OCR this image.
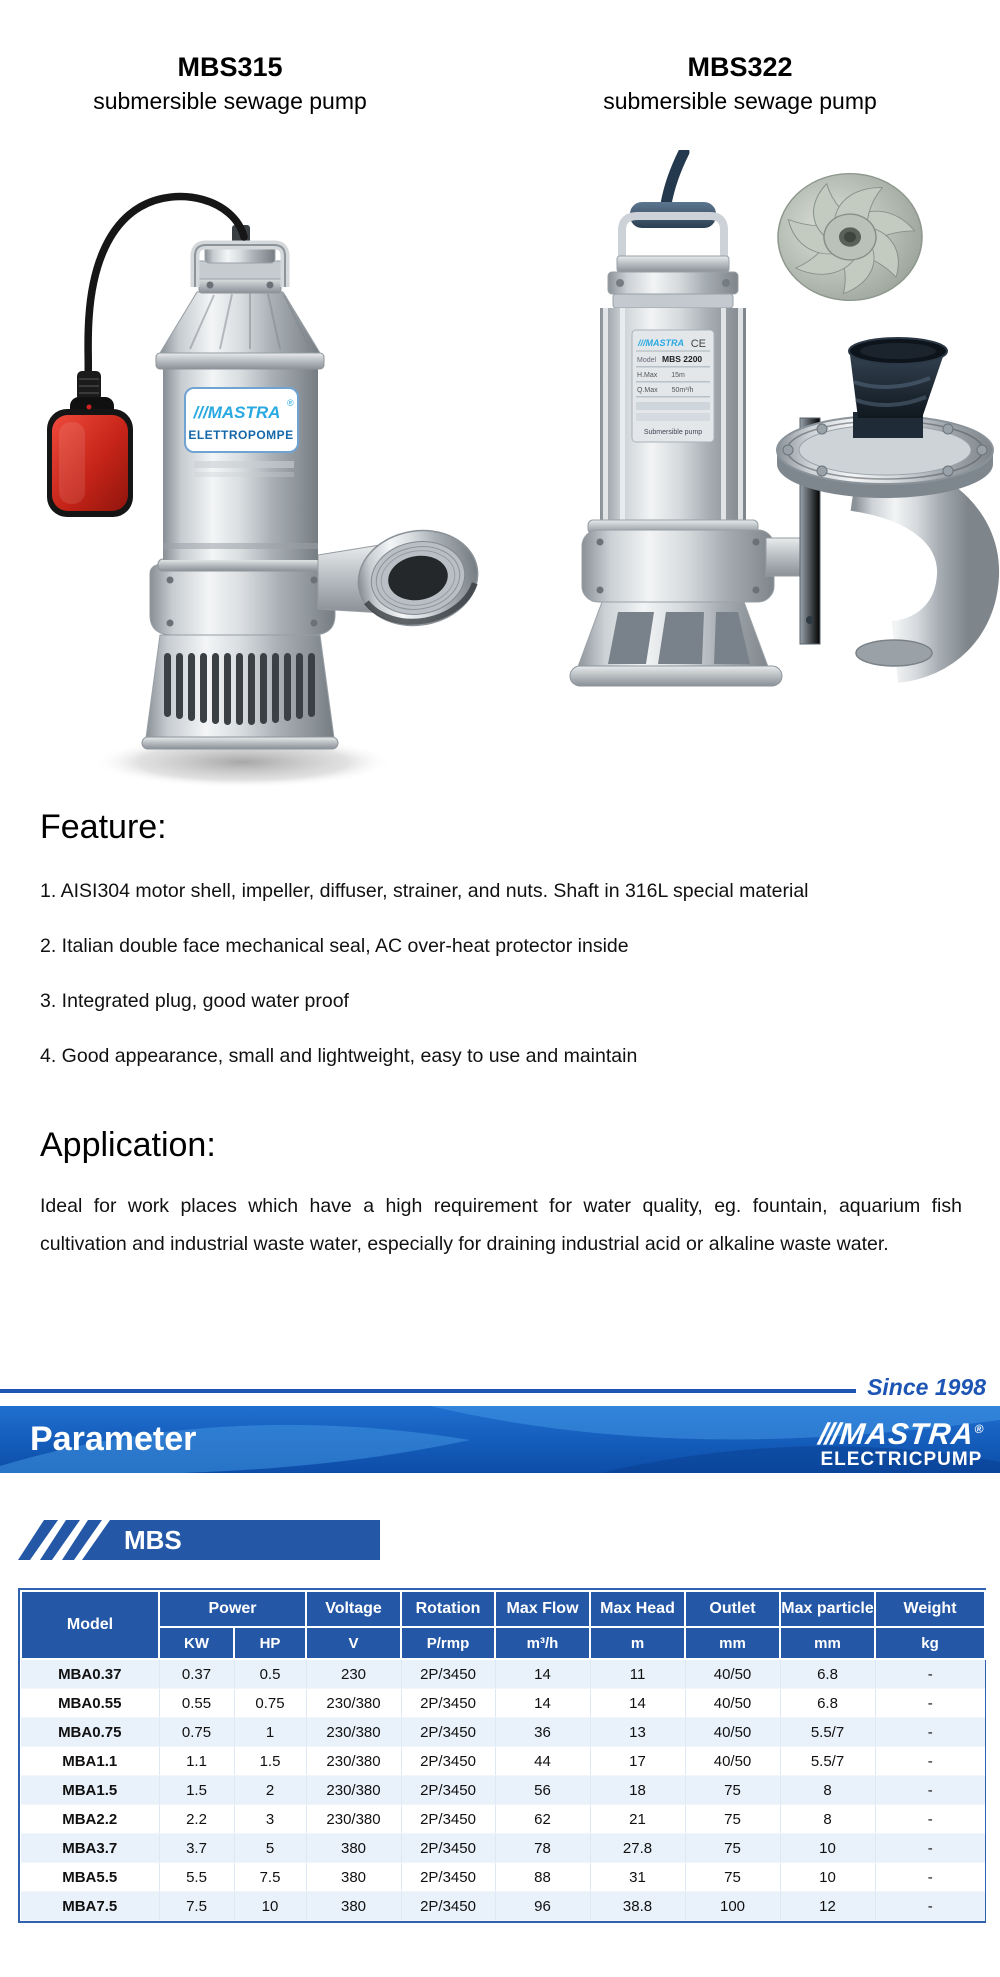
MBS315
submersible sewage pump
MBS322
submersible sewage pump
///MASTRA ®
ELETTROPOMPE
///MASTRA CE
Model MBS 2200
H.Max 15m
Q.Max 50m³/h
Submersible pump
Feature:

1. AISI304 motor shell, impeller, diffuser, strainer, and nuts. Shaft in 316L special material

2. Italian double face mechanical seal, AC over-heat protector inside

3. Integrated plug, good water proof

4. Good appearance, small and lightweight, easy to use and maintain

Application:

Ideal for work places which have a high requirement for water quality, eg. fountain, aquarium fish cultivation and industrial waste water, especially for draining industrial acid or alkaline waste water.

Since 1998
Parameter	///MASTRA®
ELECTRICPUMP
MBS
Model	Power		Voltage	Rotation	Max Flow	Max Head	Outlet	Max particle	Weight
	KW	HP	V	P/rmp	m³/h	m	mm	mm	kg
MBA0.37	0.37	0.5	230	2P/3450	14	11	40/50	6.8	-
MBA0.55	0.55	0.75	230/380	2P/3450	14	14	40/50	6.8	-
MBA0.75	0.75	1	230/380	2P/3450	36	13	40/50	5.5/7	-
MBA1.1	1.1	1.5	230/380	2P/3450	44	17	40/50	5.5/7	-
MBA1.5	1.5	2	230/380	2P/3450	56	18	75	8	-
MBA2.2	2.2	3	230/380	2P/3450	62	21	75	8	-
MBA3.7	3.7	5	380	2P/3450	78	27.8	75	10	-
MBA5.5	5.5	7.5	380	2P/3450	88	31	75	10	-
MBA7.5	7.5	10	380	2P/3450	96	38.8	100	12	-
